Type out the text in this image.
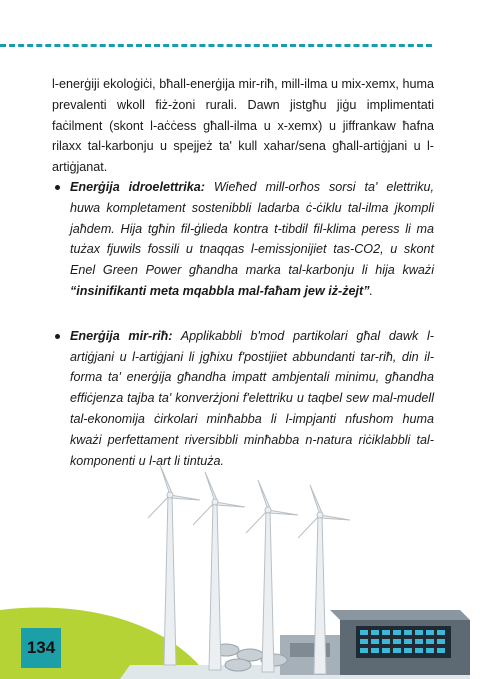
l-enerġiji ekoloġiċi, bħall-enerġija mir-riħ, mill-ilma u mix-xemx, huma prevalenti wkoll fiż-żoni rurali. Dawn jistgħu jiġu implimentati faċilment (skont l-aċċess għall-ilma u x-xemx) u jiffrankaw ħafna rilaxx tal-karbonju u spejjeż ta' kull xahar/sena għall-artiġjani u l-artiġjanat.

Enerġija idroelettrika: Wieħed mill-orħos sorsi ta' elettriku, huwa kompletament sostenibbli ladarba ċ-ċiklu tal-ilma jkompli jaħdem. Hija tgħin fil-ġlieda kontra t-tibdil fil-klima peress li ma tużax fjuwils fossili u tnaqqas l-emissjonijiet tas-CO2, u skont Enel Green Power għandha marka tal-karbonju li hija kważi “insinifikanti meta mqabbla mal-faħam jew iż-żejt”.
Enerġija mir-riħ: Applikabbli b'mod partikolari għal dawk l-artiġjani u l-artiġjani li jgħixu f'postijiet abbundanti tar-riħ, din il-forma ta' enerġija għandha impatt ambjentali minimu, għandha effiċjenza tajba ta' konverżjoni f'elettriku u taqbel sew mal-mudell tal-ekonomija ċirkolari minħabba li l-impjanti nfushom huma kważi perfettament riversibbli minħabba n-natura riċiklabbli tal-komponenti u l-art li tintuża.
134
